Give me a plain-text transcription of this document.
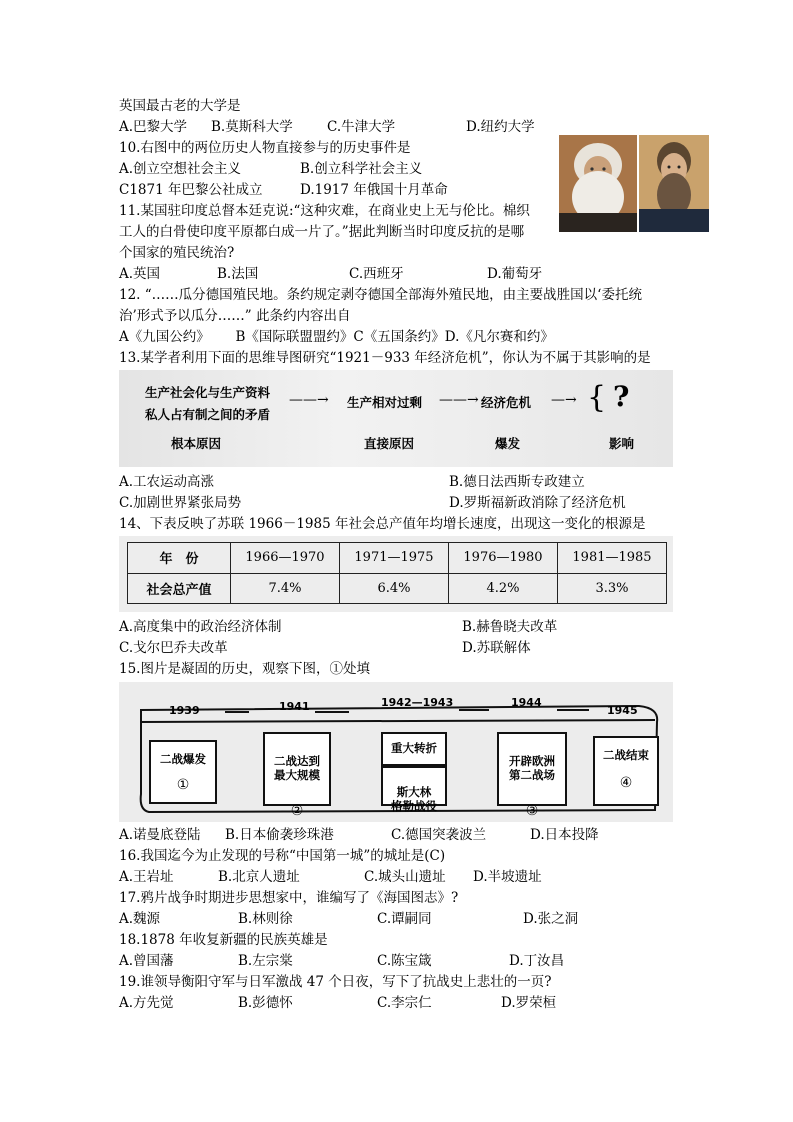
英国最古老的大学是
A.巴黎大学 B.莫斯科大学	C.牛津大学	D.纽约大学
10.右图中的两位历史人物直接参与的历史事件是
A.创立空想社会主义	B.创立科学社会主义
C1871 年巴黎公社成立	D.1917 年俄国十月革命
11.某国驻印度总督本廷克说:“这种灾难，在商业史上无与伦比。棉织
工人的白骨使印度平原都白成一片了。”据此判断当时印度反抗的是哪
个国家的殖民统治?
A.英国	B.法国	C.西班牙	D.葡萄牙
12. “……瓜分德国殖民地。条约规定剥夺德国全部海外殖民地，由主要战胜国以‘委托统
治’形式予以瓜分……” 此条约内容出自
A《九国公约》      B《国际联盟盟约》C《五国条约》D.《凡尔赛和约》
13.某学者利用下面的思维导图研究“1921－933 年经济危机”，你认为不属于其影响的是
生产社会化与生产资料
私人占有制之间的矛盾
——→ 生产相对过剩 ——→ 经济危机 —→ { ?
根本原因	直接原因	爆发	影响
A.工农运动高涨	B.德日法西斯专政建立
C.加剧世界紧张局势	D.罗斯福新政消除了经济危机
14、下表反映了苏联 1966－1985 年社会总产值年均增长速度，出现这一变化的根源是
年　份	1966—1970	1971—1975	1976—1980	1981—1985
社会总产值	7.4%	6.4%	4.2%	3.3%
A.高度集中的政治经济体制	B.赫鲁晓夫改革
C.戈尔巴乔夫改革	D.苏联解体
15.图片是凝固的历史，观察下图，①处填
1939	1941	1942—1943	1944
1945
二战爆发
①

二战达到
最大规模

②

重大转折

斯大林
格勒战役

开辟欧洲
第二战场

③

二战结束
④
A.诺曼底登陆 B.日本偷袭珍珠港	C.德国突袭波兰	D.日本投降
16.我国迄今为止发现的号称“中国第一城”的城址是(C)
A.王岩址	B.北京人遗址	C.城头山遗址 D.半坡遗址
17.鸦片战争时期进步思想家中，谁编写了《海国图志》?
A.魏源	B.林则徐	C.谭嗣同	D.张之洞
18.1878 年收复新疆的民族英雄是
A.曾国藩	B.左宗棠	C.陈宝箴	D.丁汝昌
19.谁领导衡阳守军与日军激战 47 个日夜，写下了抗战史上悲壮的一页?
A.方先觉	B.彭德怀	C.李宗仁	D.罗荣桓
